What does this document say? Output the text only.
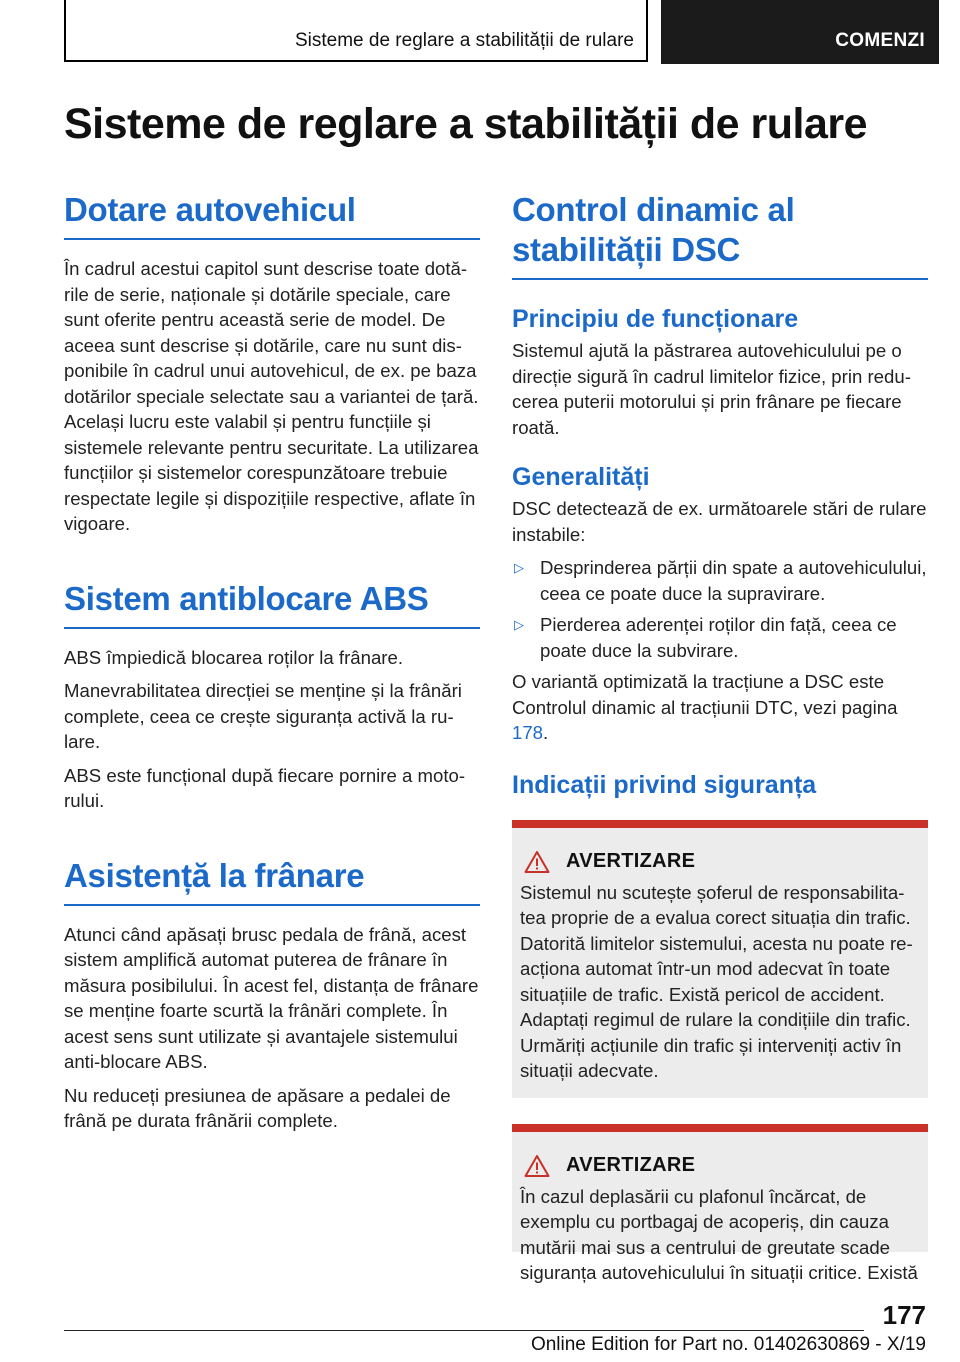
Sisteme de reglare a stabilității de rulare	COMENZI
Sisteme de reglare a stabilității de rulare
Dotare autovehicul

În cadrul acestui capitol sunt descrise toate dotările de serie, naționale și dotările speciale, care sunt oferite pentru această serie de model. De aceea sunt descrise și dotările, care nu sunt disponibile în cadrul unui autovehicul, de ex. pe baza dotărilor speciale selectate sau a variantei de țară. Același lucru este valabil și pentru funcțiile și sistemele relevante pentru securitate. La utilizarea funcțiilor și sistemelor corespunzătoare trebuie respectate legile și dispozițiile respective, aflate în vigoare.

Sistem antiblocare ABS

ABS împiedică blocarea roților la frânare.

Manevrabilitatea direcției se menține și la frânări complete, ceea ce crește siguranța activă la rulare.

ABS este funcțional după fiecare pornire a motorului.

Asistență la frânare

Atunci când apăsați brusc pedala de frână, acest sistem amplifică automat puterea de frânare în măsura posibilului. În acest fel, distanța de frânare se menține foarte scurtă la frânări complete. În acest sens sunt utilizate și avantajele sistemului anti-blocare ABS.

Nu reduceți presiunea de apăsare a pedalei de frână pe durata frânării complete.

Control dinamic al stabilității DSC
Principiu de funcționare

Sistemul ajută la păstrarea autovehiculului pe o direcție sigură în cadrul limitelor fizice, prin reducerea puterii motorului și prin frânare pe fiecare roată.

Generalități

DSC detectează de ex. următoarele stări de rulare instabile:

▷ Desprinderea părții din spate a autovehiculului, ceea ce poate duce la supravirare.
▷ Pierderea aderenței roților din față, ceea ce poate duce la subvirare.

O variantă optimizată la tracțiune a DSC este Controlul dinamic al tracțiunii DTC, vezi pagina 178.

Indicații privind siguranța
AVERTIZARE

Sistemul nu scutește șoferul de responsabilitatea proprie de a evalua corect situația din trafic. Datorită limitelor sistemului, acesta nu poate reacționa automat într-un mod adecvat în toate situațiile de trafic. Există pericol de accident. Adaptați regimul de rulare la condițiile din trafic. Urmăriți acțiunile din trafic și interveniți activ în situații adecvate.

AVERTIZARE

În cazul deplasării cu plafonul încărcat, de exemplu cu portbagaj de acoperiș, din cauza mutării mai sus a centrului de greutate scade siguranța autovehiculului în situații critice. Există

177
Online Edition for Part no. 01402630869 - X/19
